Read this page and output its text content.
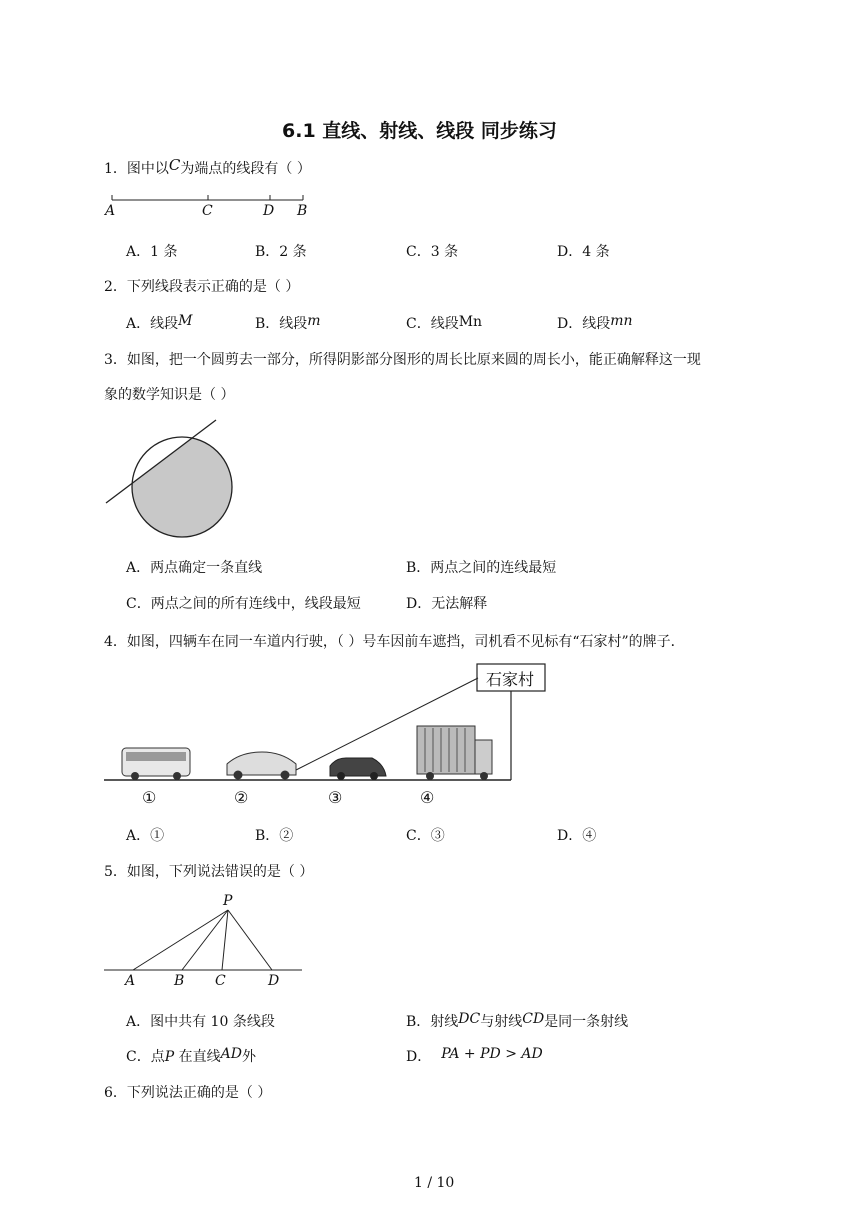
6.1 直线、射线、线段 同步练习
1．图中以C为端点的线段有（ ）
A	C	D B
A．1 条	B．2 条	C．3 条	D．4 条
2．下列线段表示正确的是（ ）
A．线段M	B．线段m	C．线段Mn	D．线段mn
3．如图，把一个圆剪去一部分，所得阴影部分图形的周长比原来圆的周长小，能正确解释这一现
象的数学知识是（ ）
A．两点确定一条直线	B．两点之间的连线最短
C．两点之间的所有连线中，线段最短	D．无法解释
4．如图，四辆车在同一车道内行驶，（ ）号车因前车遮挡，司机看不见标有“石家村”的牌子．
石家村
①	②	③	④
A．①	B．②	C．③	D．④
5．如图，下列说法错误的是（ ）
P
A	B C	D
A．图中共有 10 条线段	B．射线DC与射线CD是同一条射线
C．点P 在直线AD外	D． PA + PD > AD
6．下列说法正确的是（ ）
1 / 10
